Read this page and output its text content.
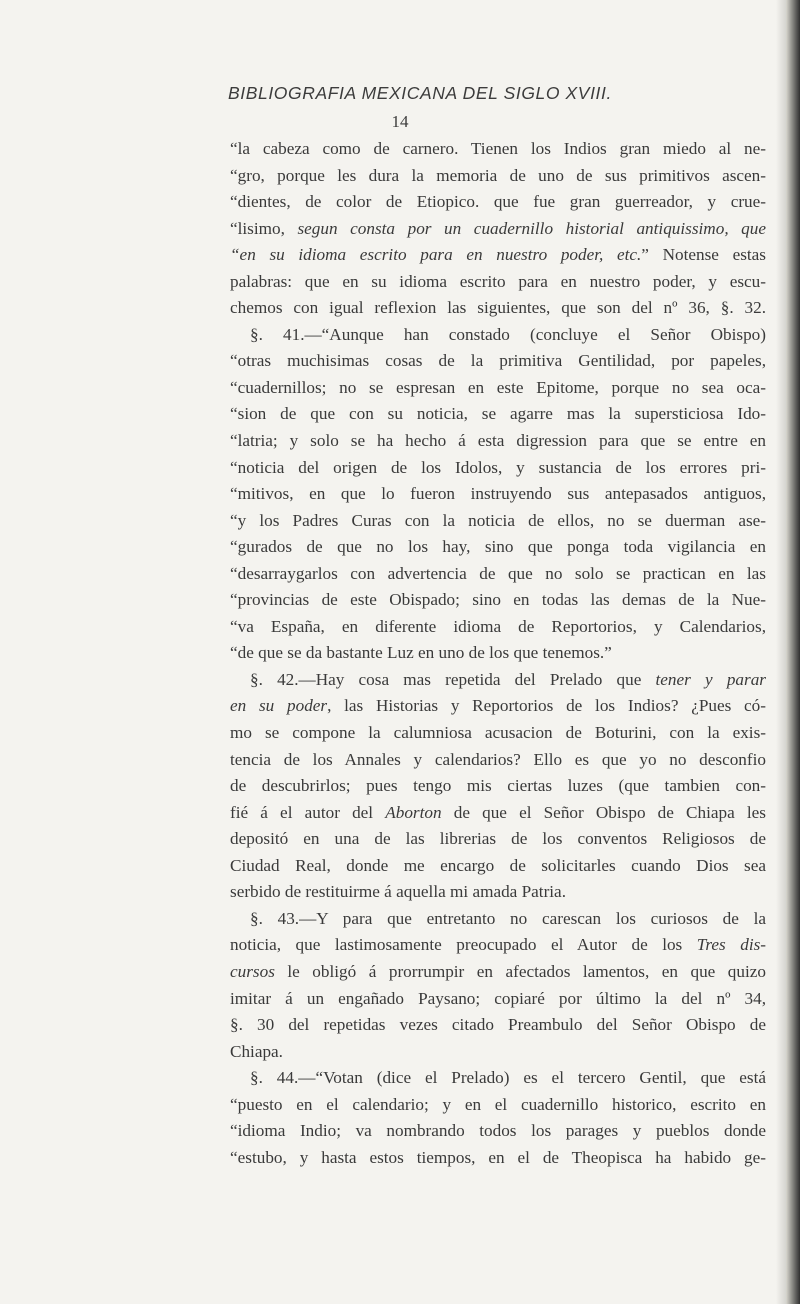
BIBLIOGRAFIA MEXICANA DEL SIGLO XVIII.
14
“la cabeza como de carnero. Tienen los Indios gran miedo al ne-
“gro, porque les dura la memoria de uno de sus primitivos ascen-
“dientes, de color de Etiopico. que fue gran guerreador, y crue-
“lisimo, segun consta por un cuadernillo historial antiquissimo, que
“en su idioma escrito para en nuestro poder, etc.” Notense estas
palabras: que en su idioma escrito para en nuestro poder, y escu-
chemos con igual reflexion las siguientes, que son del nº 36, §. 32.
§. 41.—“Aunque han constado (concluye el Señor Obispo)
“otras muchisimas cosas de la primitiva Gentilidad, por papeles,
“cuadernillos; no se espresan en este Epitome, porque no sea oca-
“sion de que con su noticia, se agarre mas la supersticiosa Ido-
“latria; y solo se ha hecho á esta digression para que se entre en
“noticia del origen de los Idolos, y sustancia de los errores pri-
“mitivos, en que lo fueron instruyendo sus antepasados antiguos,
“y los Padres Curas con la noticia de ellos, no se duerman ase-
“gurados de que no los hay, sino que ponga toda vigilancia en
“desarraygarlos con advertencia de que no solo se practican en las
“provincias de este Obispado; sino en todas las demas de la Nue-
“va España, en diferente idioma de Reportorios, y Calendarios,
“de que se da bastante Luz en uno de los que tenemos.”
§. 42.—Hay cosa mas repetida del Prelado que tener y parar
en su poder, las Historias y Reportorios de los Indios? ¿Pues có-
mo se compone la calumniosa acusacion de Boturini, con la exis-
tencia de los Annales y calendarios? Ello es que yo no desconfio
de descubrirlos; pues tengo mis ciertas luzes (que tambien con-
fié á el autor del Aborton de que el Señor Obispo de Chiapa les
depositó en una de las librerias de los conventos Religiosos de
Ciudad Real, donde me encargo de solicitarles cuando Dios sea
serbido de restituirme á aquella mi amada Patria.
§. 43.—Y para que entretanto no carescan los curiosos de la
noticia, que lastimosamente preocupado el Autor de los Tres dis-
cursos le obligó á prorrumpir en afectados lamentos, en que quizo
imitar á un engañado Paysano; copiaré por último la del nº 34,
§. 30 del repetidas vezes citado Preambulo del Señor Obispo de
Chiapa.
§. 44.—“Votan (dice el Prelado) es el tercero Gentil, que está
“puesto en el calendario; y en el cuadernillo historico, escrito en
“idioma Indio; va nombrando todos los parages y pueblos donde
“estubo, y hasta estos tiempos, en el de Theopisca ha habido ge-
